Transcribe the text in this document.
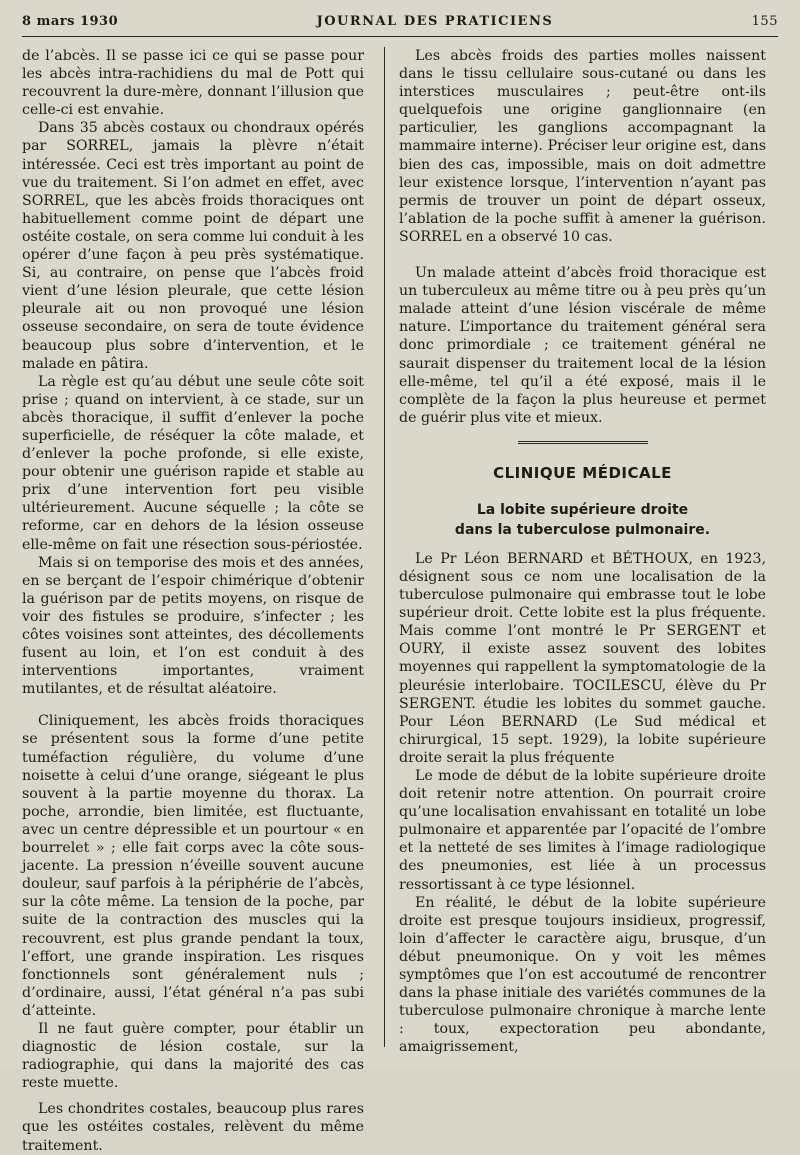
8 mars 1930	JOURNAL DES PRATICIENS	155

de l’abcès. Il se passe ici ce qui se passe pour les abcès intra-rachidiens du mal de Pott qui recouvrent la dure-mère, donnant l’illusion que celle-ci est envahie.

Dans 35 abcès costaux ou chondraux opérés par SORREL, jamais la plèvre n’était intéressée. Ceci est très important au point de vue du traitement. Si l’on admet en effet, avec SORREL, que les abcès froids thoraciques ont habituellement comme point de départ une ostéite costale, on sera comme lui conduit à les opérer d’une façon à peu près systématique. Si, au contraire, on pense que l’abcès froid vient d’une lésion pleurale, que cette lésion pleurale ait ou non provoqué une lésion osseuse secondaire, on sera de toute évidence beaucoup plus sobre d’intervention, et le malade en pâtira.

La règle est qu’au début une seule côte soit prise ; quand on intervient, à ce stade, sur un abcès thoracique, il suffit d’enlever la poche superficielle, de réséquer la côte malade, et d’enlever la poche profonde, si elle existe, pour obtenir une guérison rapide et stable au prix d’une intervention fort peu visible ultérieurement. Aucune séquelle ; la côte se reforme, car en dehors de la lésion osseuse elle-même on fait une résection sous-périostée.

Mais si on temporise des mois et des années, en se berçant de l’espoir chimérique d’obtenir la guérison par de petits moyens, on risque de voir des fistules se produire, s’infecter ; les côtes voisines sont atteintes, des décollements fusent au loin, et l’on est conduit à des interventions importantes, vraiment mutilantes, et de résultat aléatoire.

Cliniquement, les abcès froids thoraciques se présentent sous la forme d’une petite tuméfaction régulière, du volume d’une noisette à celui d’une orange, siégeant le plus souvent à la partie moyenne du thorax. La poche, arrondie, bien limitée, est fluctuante, avec un centre dépressible et un pourtour « en bourrelet » ; elle fait corps avec la côte sous-jacente. La pression n’éveille souvent aucune douleur, sauf parfois à la périphérie de l’abcès, sur la côte même. La tension de la poche, par suite de la contraction des muscles qui la recouvrent, est plus grande pendant la toux, l’effort, une grande inspiration. Les risques fonctionnels sont généralement nuls ; d’ordinaire, aussi, l’état général n’a pas subi d’atteinte.

Il ne faut guère compter, pour établir un diagnostic de lésion costale, sur la radiographie, qui dans la majorité des cas reste muette.

Les chondrites costales, beaucoup plus rares que les ostéites costales, relèvent du même traitement.

Les abcès froids des parties molles naissent dans le tissu cellulaire sous-cutané ou dans les interstices musculaires ; peut-être ont-ils quelquefois une origine ganglionnaire (en particulier, les ganglions accompagnant la mammaire interne). Préciser leur origine est, dans bien des cas, impossible, mais on doit admettre leur existence lorsque, l’intervention n’ayant pas permis de trouver un point de départ osseux, l’ablation de la poche suffit à amener la guérison. SORREL en a observé 10 cas.

Un malade atteint d’abcès froid thoracique est un tuberculeux au même titre ou à peu près qu’un malade atteint d’une lésion viscérale de même nature. L’importance du traitement général sera donc primordiale ; ce traitement général ne saurait dispenser du traitement local de la lésion elle-même, tel qu’il a été exposé, mais il le complète de la façon la plus heureuse et permet de guérir plus vite et mieux.

CLINIQUE MÉDICALE
La lobite supérieure droite
dans la tuberculose pulmonaire.

Le Pr Léon BERNARD et BÉTHOUX, en 1923, désignent sous ce nom une localisation de la tuberculose pulmonaire qui embrasse tout le lobe supérieur droit. Cette lobite est la plus fréquente. Mais comme l’ont montré le Pr SERGENT et OURY, il existe assez souvent des lobites moyennes qui rappellent la symptomatologie de la pleurésie interlobaire. TOCILESCU, élève du Pr SERGENT. étudie les lobites du sommet gauche. Pour Léon BERNARD (Le Sud médical et chirurgical, 15 sept. 1929), la lobite supérieure droite serait la plus fréquente

Le mode de début de la lobite supérieure droite doit retenir notre attention. On pourrait croire qu’une localisation envahissant en totalité un lobe pulmonaire et apparentée par l’opacité de l’ombre et la netteté de ses limites à l’image radiologique des pneumonies, est liée à un processus ressortissant à ce type lésionnel.

En réalité, le début de la lobite supérieure droite est presque toujours insidieux, progressif, loin d’affecter le caractère aigu, brusque, d’un début pneumonique. On y voit les mêmes symptômes que l’on est accoutumé de rencontrer dans la phase initiale des variétés communes de la tuberculose pulmonaire chronique à marche lente : toux, expectoration peu abondante, amaigrissement,
